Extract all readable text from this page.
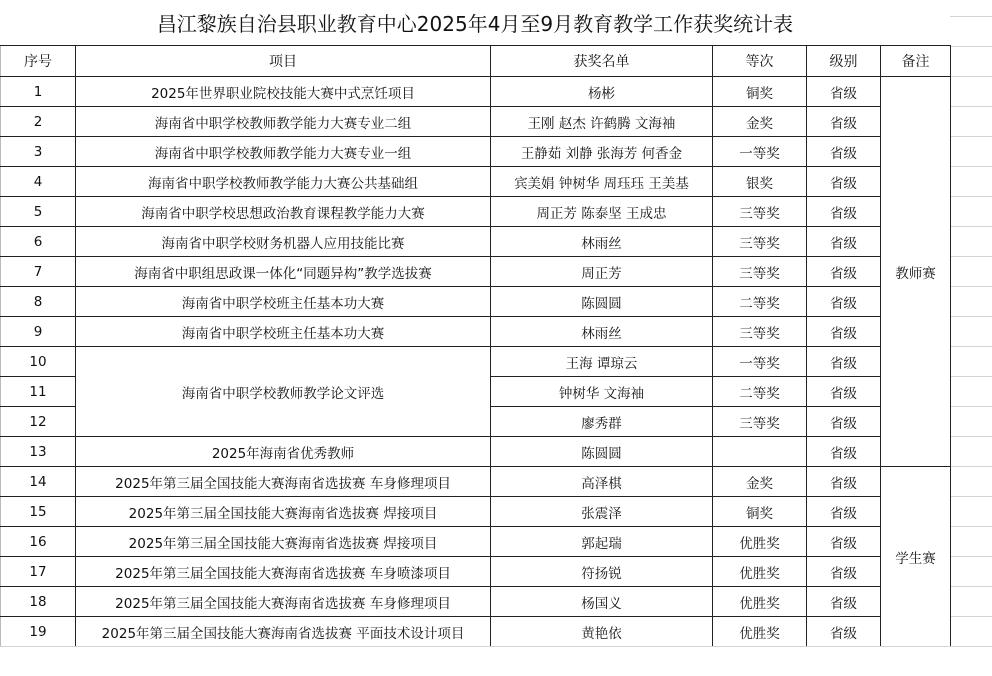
昌江黎族自治县职业教育中心2025年4月至9月教育教学工作获奖统计表
序号	项目	获奖名单	等次	级别	备注
1	2025年世界职业院校技能大赛中式烹饪项目	杨彬	铜奖	省级	教师赛
2	海南省中职学校教师教学能力大赛专业二组	王刚 赵杰 许鹤腾 文海袖	金奖	省级	
3	海南省中职学校教师教学能力大赛专业一组	王静茹 刘静 张海芳 何香金	一等奖	省级	
4	海南省中职学校教师教学能力大赛公共基础组	宾美娟 钟树华 周珏珏 王美基	银奖	省级	
5	海南省中职学校思想政治教育课程教学能力大赛	周正芳 陈泰坚 王成忠	三等奖	省级	
6	海南省中职学校财务机器人应用技能比赛	林雨丝	三等奖	省级	
7	海南省中职组思政课一体化“同题异构”教学选拔赛	周正芳	三等奖	省级	
8	海南省中职学校班主任基本功大赛	陈圆圆	二等奖	省级	
9	海南省中职学校班主任基本功大赛	林雨丝	三等奖	省级	
10	海南省中职学校教师教学论文评选	王海 谭琼云	一等奖	省级	
11		钟树华 文海袖	二等奖	省级	
12		廖秀群	三等奖	省级	
13	2025年海南省优秀教师	陈圆圆		省级	
14	2025年第三届全国技能大赛海南省选拔赛 车身修理项目	高泽棋	金奖	省级	学生赛
15	2025年第三届全国技能大赛海南省选拔赛 焊接项目	张震泽	铜奖	省级	
16	2025年第三届全国技能大赛海南省选拔赛 焊接项目	郭起瑞	优胜奖	省级	
17	2025年第三届全国技能大赛海南省选拔赛 车身喷漆项目	符扬锐	优胜奖	省级	
18	2025年第三届全国技能大赛海南省选拔赛 车身修理项目	杨国义	优胜奖	省级	
19	2025年第三届全国技能大赛海南省选拔赛 平面技术设计项目	黄艳依	优胜奖	省级	
